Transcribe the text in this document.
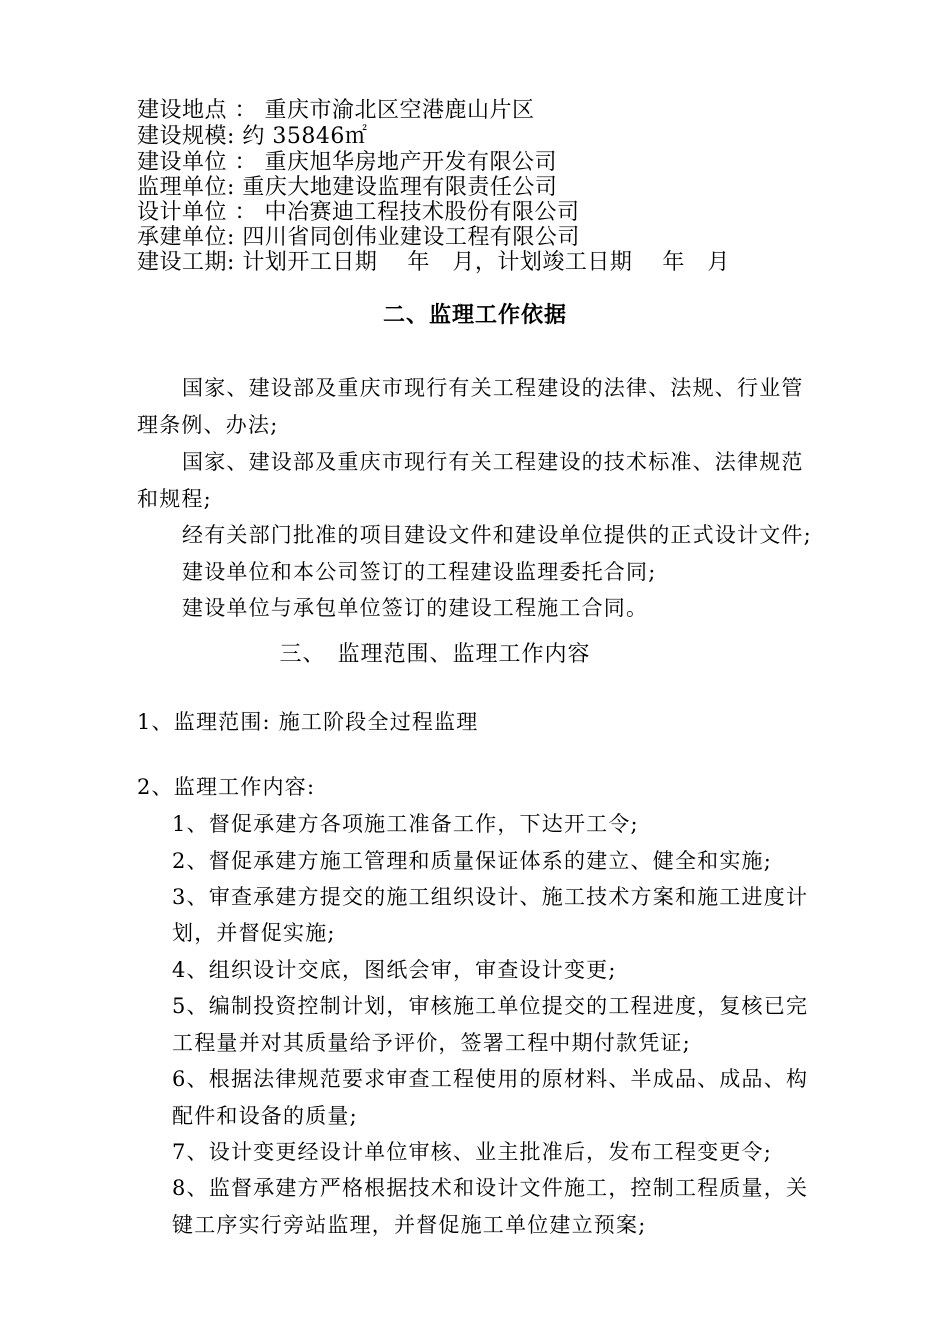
建设地点 ： 重庆市渝北区空港鹿山片区
建设规模: 约 35846㎡
建设单位 ： 重庆旭华房地产开发有限公司
监理单位: 重庆大地建设监理有限责任公司
设计单位 ： 中冶赛迪工程技术股份有限公司
承建单位: 四川省同创伟业建设工程有限公司
建设工期: 计划开工日期　 年　月，计划竣工日期　 年　月
二、监理工作依据
国家、建设部及重庆市现行有关工程建设的法律、法规、行业管
理条例、办法;
国家、建设部及重庆市现行有关工程建设的技术标准、法律规范
和规程;
经有关部门批准的项目建设文件和建设单位提供的正式设计文件;
建设单位和本公司签订的工程建设监理委托合同;
建设单位与承包单位签订的建设工程施工合同。
三、　监理范围、监理工作内容
1、监理范围: 施工阶段全过程监理
2、监理工作内容:
1、督促承建方各项施工准备工作，下达开工令;
2、督促承建方施工管理和质量保证体系的建立、健全和实施;
3、审查承建方提交的施工组织设计、施工技术方案和施工进度计
划，并督促实施;
4、组织设计交底，图纸会审，审查设计变更;
5、编制投资控制计划，审核施工单位提交的工程进度，复核已完
工程量并对其质量给予评价，签署工程中期付款凭证;
6、根据法律规范要求审查工程使用的原材料、半成品、成品、构
配件和设备的质量;
7、设计变更经设计单位审核、业主批准后，发布工程变更令;
8、监督承建方严格根据技术和设计文件施工，控制工程质量，关
键工序实行旁站监理，并督促施工单位建立预案;
